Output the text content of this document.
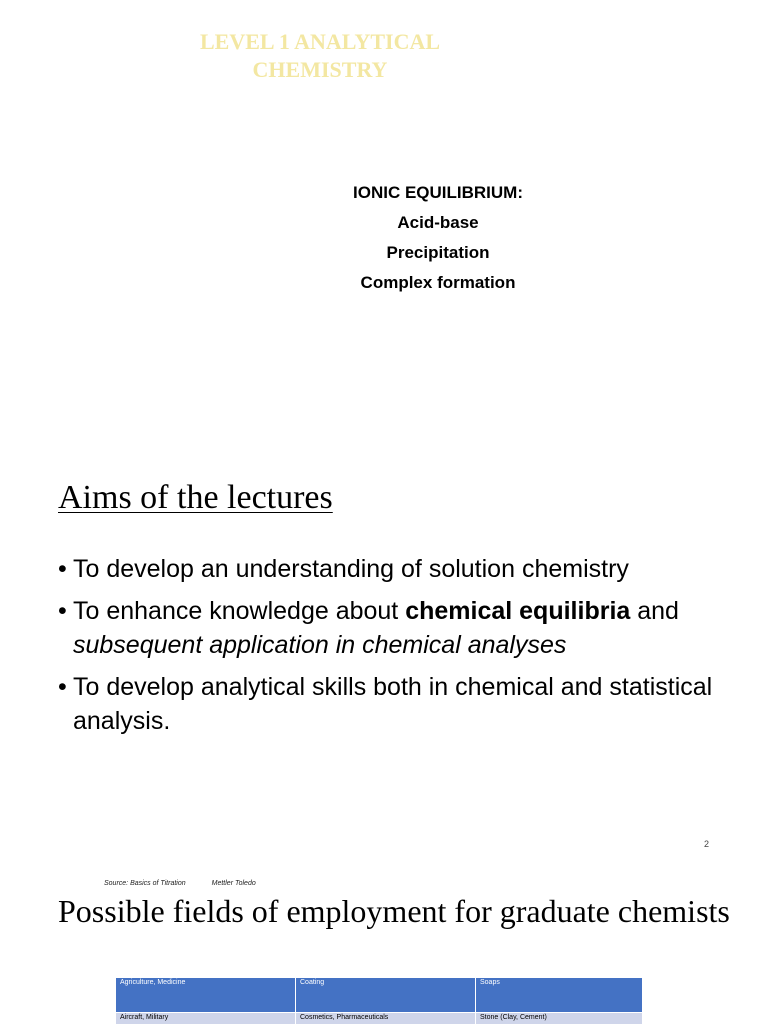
LEVEL 1 ANALYTICAL
CHEMISTRY
IONIC EQUILIBRIUM:
Acid-base
Precipitation
Complex formation
Aims of the lectures
• To develop an understanding of solution chemistry
• To enhance knowledge about chemical equilibria and subsequent application in chemical analyses
• To develop analytical skills both in chemical and statistical analysis.
2
Source: Basics of Titration	Mettler Toledo
Possible fields of employment for graduate chemists
Agriculture, Medicine	Coating	Soaps
Aircraft, Military	Cosmetics, Pharmaceuticals	Stone (Clay, Cement)
